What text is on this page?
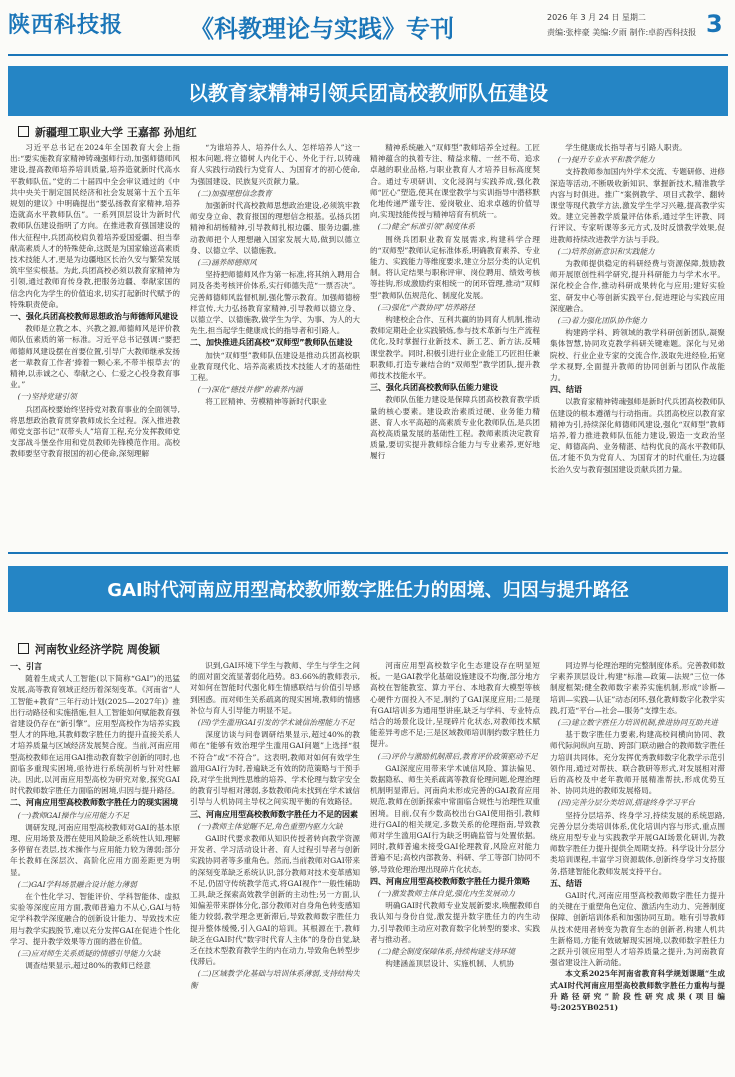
陕西科技报	《科教理论与实践》专刊	2026 年 3 月 24 日 星期二
责编:张梓豪 美编:夕雨 制作:卓韵西科技报 3
以教育家精神引领兵团高校教师队伍建设
新疆理工职业大学 王嘉都 孙旭红

习近平总书记在2024年全国教育大会上指出:“要实施教育家精神铸魂强师行动,加强师德师风建设,提高教师培养培训质量,培养造就新时代高水平教师队伍。”党的二十届四中全会审议通过的《中共中央关于制定国民经济和社会发展第十五个五年规划的建议》中明确提出“要弘扬教育家精神,培养造就高水平教师队伍”。一系列顶层设计为新时代教师队伍建设指明了方向。在推进教育强国建设的伟大征程中,兵团高校肩负着培养爱国爱疆、担当奉献高素质人才的特殊使命,这既是为国家输送高素质技术技能人才,更是为边疆地区长治久安与繁荣发展筑牢坚实根基。为此,兵团高校必须以教育家精神为引领,通过教师育传身教,把服务边疆、奉献家国的信念内化为学生的价值追求,切实打起新时代赋予的特殊职责使命。

一、强化兵团高校教师思想政治与师德师风建设

教师是立教之本、兴教之源,师德师风是评价教师队伍素质的第一标准。习近平总书记强调:“要把师德师风建设摆在首要位置,引导广大教师继承发扬老一辈教育工作者‘捧着一颗心来,不带半根草去’的精神,以赤诚之心、奉献之心、仁爱之心投身教育事业。”

(一)坚持党建引领

兵团高校要始终坚持党对教育事业的全面领导,将思想政治教育贯穿教师成长全过程。深入推进教师党支部书记“双带头人”培育工程,充分发挥教师党支部战斗堡垒作用和党员教师先锋模范作用。高校教师要坚守教育报国的初心使命,深刻理解

“为谁培养人、培养什么人、怎样培养人”这一根本问题,将立德树人内化于心、外化于行,以铸魂育人实践行动践行为党育人、为国育才的初心使命,为强国建设、民族复兴贡献力量。

(二)加强理想信念教育

加强新时代高校教师思想政治建设,必须筑牢教师安身立命、教育报国的理想信念根基。弘扬兵团精神和胡杨精神,引导教师扎根边疆、服务边疆,推动教师把个人理想融入国家发展大局,做到以德立身、以德立学、以德施教。

(三)涵养师德师风

坚持把师德师风作为第一标准,将其纳入聘用合同及各类考核评价体系,实行师德失范“一票否决”。完善师德师风监督机制,强化警示教育。加强师德榜样宣传,大力弘扬教育家精神,引导教师以德立身、以德立学、以德施教,做学生为学、为事、为人的大先生,担当起学生健康成长的指导者和引路人。

二、加快推进兵团高校“双师型”教师队伍建设

加快“双师型”教师队伍建设是推动兵团高校职业教育现代化、培养高素质技术技能人才的基础性工程。

(一)深化“德技并修”的素养内涵

将工匠精神、劳模精神等新时代职业

精神系统融入“双师型”教师培养全过程。工匠精神蕴含的执着专注、精益求精、一丝不苟、追求卓越的职业品格,与职业教育人才培养目标高度契合。通过专项研训、文化浸润与实践养成,强化教师“匠心”塑造,使其在课堂教学与实训指导中潜移默化地传递严谨专注、爱岗敬业、追求卓越的价值导向,实现技能传授与精神培育有机统一。

(二)健全“标准引领”制度体系

围绕兵团职业教育发展需求,构建科学合理的“双师型”教师认定标准体系,明确教育素养、专业能力、实践能力等维度要求,建立分层分类的认定机制。将认定结果与职称评审、岗位聘用、绩效考核等挂钩,形成激励约束相统一的闭环管理,推动“双师型”教师队伍规范化、制度化发展。

(三)强化“产教协同”培养路径

构建校企合作、互利共赢的协同育人机制,推动教师定期赴企业实践锻炼,参与技术革新与生产流程优化,及时掌握行业新技术、新工艺、新方法,反哺课堂教学。同时,积极引进行业企业能工巧匠担任兼职教师,打造专兼结合的“双师型”教学团队,提升教师技术技能水平。

三、强化兵团高校教师队伍能力建设

教师队伍能力建设是保障兵团高校教育教学质量的核心要素。建设政治素质过硬、业务能力精湛、育人水平高超的高素质专业化教师队伍,是兵团高校高质量发展的基础性工程。教师素质决定教育质量,要切实提升教师综合能力与专业素养,更好地履行

学生健康成长指导者与引路人职责。

(一)提升专业水平和教学能力

支持教师参加国内外学术交流、专题研修、进修深造等活动,不断吸收新知识、掌握新技术,精准教学内容与时俱进。推广“案例教学、项目式教学、翻转课堂等现代教学方法,激发学生学习兴趣,提高教学实效。建立完善教学质量评估体系,通过学生评教、同行评议、专家听课等多元方式,及时反馈教学效果,促进教师持续改进教学方法与手段。

(二)培养创新意识和实践能力

为教师提供稳定的科研经费与资源保障,鼓励教师开展原创性科学研究,提升科研能力与学术水平。深化校企合作,推动科研成果转化与应用;建好实验室、研发中心等创新实践平台,促进理论与实践应用深度融合。

(三)着力强化团队协作能力

构建跨学科、跨领域的教学科研创新团队,凝聚集体智慧,协同攻克教学科研关键难题。深化与兄弟院校、行业企业专家的交流合作,汲取先进经验,拓宽学术视野,全面提升教师的协同创新与团队作战能力。

四、结语

以教育家精神铸魂强师是新时代兵团高校教师队伍建设的根本遵循与行动指南。兵团高校应以教育家精神为引,持续深化师德师风建设,强化“双师型”教师培养,着力推进教师队伍能力建设,锻造一支政治坚定、师德高尚、业务精湛、结构优良的高水平教师队伍,才能不负为党育人、为国育才的时代重任,为边疆长治久安与教育强国建设贡献兵团力量。

GAI时代河南应用型高校教师数字胜任力的困境、归因与提升路径
河南牧业经济学院 周俊颖
一、引言

随着生成式人工智能(以下简称“GAI”)的迅猛发展,高等教育领域正经历着深刻变革。《河南省“人工智能+教育”三年行动计划(2025—2027年)》推出行动路径和实施措施,但人工智能如何赋能教育强省建设仍存在“新引擎”。应用型高校作为培养实践型人才的阵地,其教师数字胜任力的提升直接关系人才培养质量与区域经济发展契合度。当前,河南应用型高校教师在运用GAI推动教育数字创新的同时,也面临多重现实困境,亟待进行系统剖析与针对性解决。因此,以河南应用型高校为研究对象,探究GAI时代教师数字胜任力面临的困境,归因与提升路径。

二、河南应用型高校教师数字胜任力的现实困境
(一)教师GAI操作与应用能力不足

调研发现,河南应用型高校教师对GAI的基本原理、应用场景及潜在使用风险缺乏系统性认知,理解多停留在表层,技术操作与应用能力较为薄弱;部分年长教师在深层次、高阶化应用方面差距更为明显。

(二)GAI学科场景融合设计能力薄弱

在个性化学习、智能评价、学科智能体、虚拟实验等深度应用方面,教师普遍力不从心,GAI与特定学科教学深度融合的创新设计能力、导致技术应用与教学实践脱节,难以充分发挥GAI在促进个性化学习、提升教学效果等方面的潜在价值。

(三)应对师生关系质疑的情感引导能力欠缺

调查结果显示,超过80%的教师已经意

识到,GAI环境下学生与教师、学生与学生之间的面对面交流显著弱化趋势。83.66%的教师表示,对如何在智能时代强化师生情感联结与价值引导感到困惑。而对师生关系疏离的现实困境,教师的情感补位与育人引导能力明显不足。

(四)学生滥用GAI引发的学术诚信治理能力不足

深度访谈与问卷调研结果显示,超过40%的教师在“能够有效治理学生滥用GAI问题”上选择“很不符合”或“不符合”。这表明,教师对如何有效学生滥用GAI行为时,普遍缺乏有效的防范策略与干预手段,对学生批判性思维的培养、学术伦理与数字安全的教育引导相对薄弱,多数教师尚未找到在学术诚信引导与人机协同主导权之间实现平衡的有效路径。

三、河南应用型高校教师数字胜任力不足的因素
(一)教师主体觉醒不足,角色重塑内驱力欠缺

GAI时代要求教师从知识传授者转向教学资源开发者、学习活动设计者、育人过程引导者与创新实践协同者等多重角色。然而,当前教师对GAI带来的深刻变革缺乏系统认识,部分教师对技术变革感知不足,仍固守传统教学范式,将GAI视作“一般性辅助工具,缺乏探索高效教学创新的主动性;另一方面,认知偏差带来群体分化,部分教师对自身角色转变感知能力较弱,教学理念更新滞后,导致教师数字胜任力提升整体缓慢,引入GAI的培训。其根源在于,教师缺乏在GAI时代“数字时代育人主体”的身份自觉,缺乏在技术型教育教学生的内在动力,导致角色转型步伐滞后。

(二)区域教学化基础与培训体系薄弱,支持结构失衡

河南应用型高校数字化生态建设存在明显短板。一是GAI教学化基础设施建设不均衡,部分地方高校在智能教室、算力平台、本地教育大模型等核心硬件方面投入不足,制约了GAI深度应用;二是现有GAI培训多为通用型讲座,缺乏与学科、专业特点结合的场景化设计,呈现碎片化状态,对教师技术赋能差异考虑不足;三是区域教师培训制约数字胜任力提升。

(三)评价与激励机制滞后,教育评价政策驱动不足

GAI深度应用带来学术诚信风险、算法偏见、数据隐私、师生关系疏离等教育伦理问题,伦理治理机制明显滞后。河南尚未形成完善的GAI教育应用规范,教师在创新探索中常面临合规性与治理性双重困境。目前,仅有少数高校出台GAI使用指引,教师进行GAI的相关规定,多数关系的伦理指南,导致教师对学生滥用GAI行为缺乏明确监管与处置依据。同时,教师普遍未接受GAI伦理教育,风险应对能力普遍不足;高校内部教务、科研、学工等部门协同不够,导致伦理治理出现碎片化状态。

四、河南应用型高校教师数字胜任力提升策略
(一)激发教师主体自觉,强化内生发展动力

明确GAI时代教师专业发展新要求,唤醒教师自我认知与身份自觉,激发提升数字胜任力的内生动力,引导教师主动应对教育数字化转型的要求、实践者与推动者。

(二)健全制度保障体系,持续构建支持环境

构建涵盖顶层设计、实施机制、人机协

同边界与伦理治理的完整制度体系。完善教师数字素养顶层设计,构建“标准—政策—法规”三位一体制度框架;健全教师数字素养实施机制,形成“诊断—培训—实践—认证”动态闭环,强化教师数字化教学实践,打造“平台—社会—服务”支撑生态。

(三)建立数字胜任力培训机制,推进协同互助共进

基于数字胜任力要素,构建高校间横向协同、教师代际间纵向互助、跨部门联动融合的教师数字胜任力培训共同体。充分发挥优秀教师数字化教学示范引领作用,通过对帮扶、联合教研等形式,对发展相对滞后的高校及中老年教师开展精准帮扶,形成优势互补、协同共进的教师发展格局。

(四)完善分层分类培训,搭建终身学习平台

坚持分层培养、终身学习,持续发展的系统思路,完善分层分类培训体系,优化培训内容与形式,重点围绕应用型专业与实践教学开展GAI场景化研训,为教师数字胜任力提升提供全周期支持。科学设计分层分类培训课程,丰富学习资源载体,创新终身学习支持服务,搭建智能化教师发展支持平台。

五、结语

GAI时代,河南应用型高校教师数字胜任力提升的关键在于重塑角色定位、激活内生动力、完善制度保障、创新培训体系和加强协同互助。唯有引导教师从技术使用者转变为教育生态的创新者,构建人机共生新格局,方能有效破解现实困境,以教师数字胜任力之跃升引领应用型人才培养质量之提升,为河南教育强省建设注入新动能。

本文系2025年河南省教育科学规划课题“生成式AI时代河南应用型高校教师数字胜任力重构与提升路径研究”阶段性研究成果(项目编号:2025YB0251)
